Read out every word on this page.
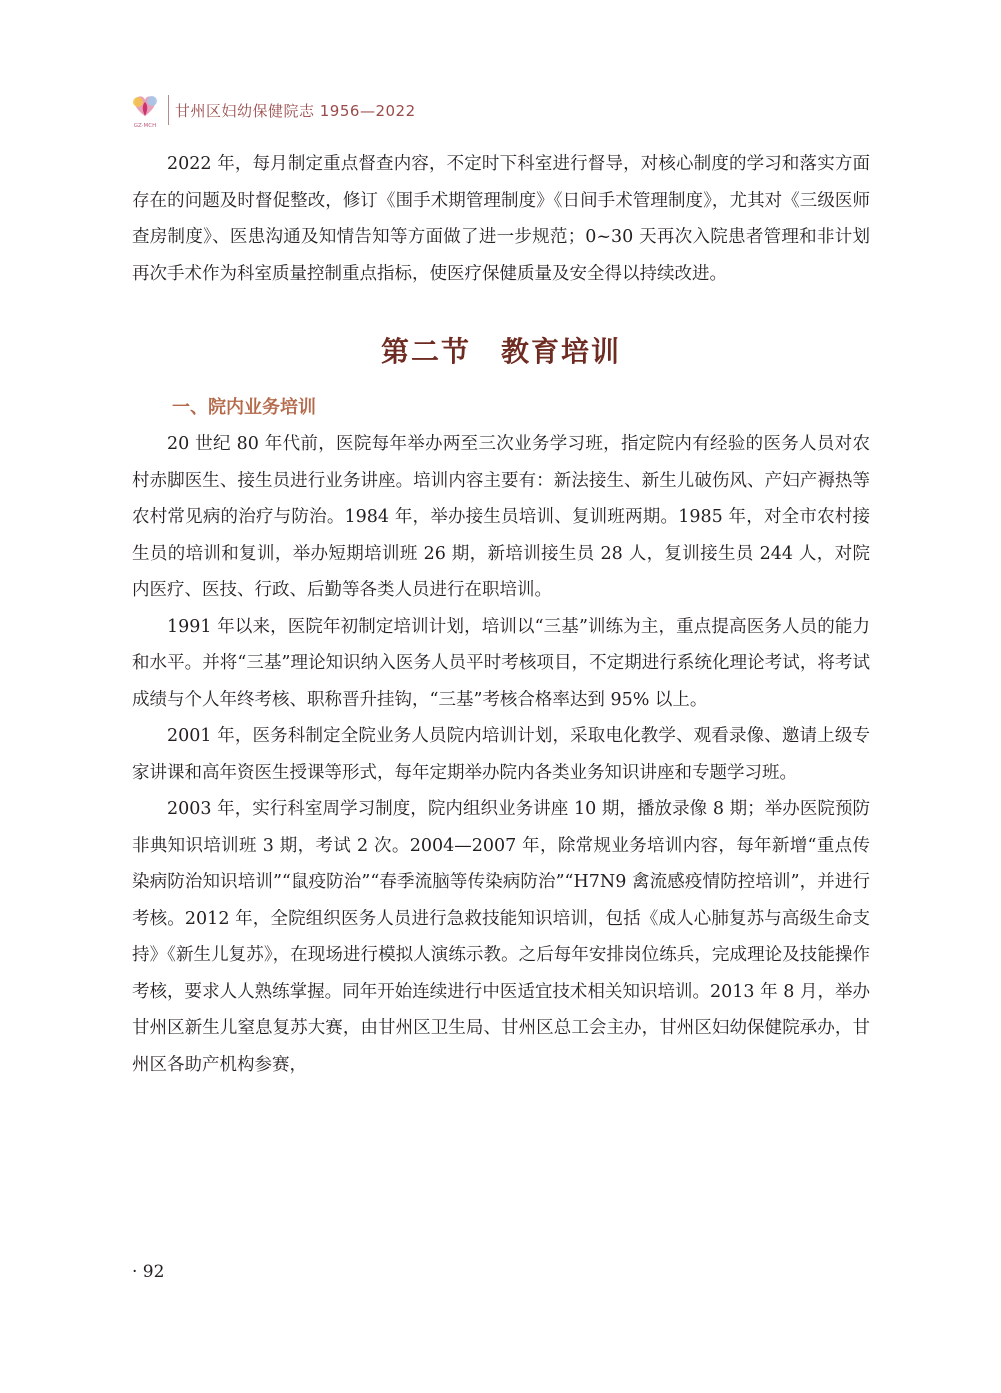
GZ·MCH
甘州区妇幼保健院志 1956—2022

2022 年，每月制定重点督查内容，不定时下科室进行督导，对核心制度的学习和落实方面存在的问题及时督促整改，修订《围手术期管理制度》《日间手术管理制度》，尤其对《三级医师查房制度》、医患沟通及知情告知等方面做了进一步规范；0~30 天再次入院患者管理和非计划再次手术作为科室质量控制重点指标，使医疗保健质量及安全得以持续改进。

第二节　教育培训
一、院内业务培训

20 世纪 80 年代前，医院每年举办两至三次业务学习班，指定院内有经验的医务人员对农村赤脚医生、接生员进行业务讲座。培训内容主要有：新法接生、新生儿破伤风、产妇产褥热等农村常见病的治疗与防治。1984 年，举办接生员培训、复训班两期。1985 年，对全市农村接生员的培训和复训，举办短期培训班 26 期，新培训接生员 28 人，复训接生员 244 人，对院内医疗、医技、行政、后勤等各类人员进行在职培训。

1991 年以来，医院年初制定培训计划，培训以“三基”训练为主，重点提高医务人员的能力和水平。并将“三基”理论知识纳入医务人员平时考核项目，不定期进行系统化理论考试，将考试成绩与个人年终考核、职称晋升挂钩，“三基”考核合格率达到 95% 以上。

2001 年，医务科制定全院业务人员院内培训计划，采取电化教学、观看录像、邀请上级专家讲课和高年资医生授课等形式，每年定期举办院内各类业务知识讲座和专题学习班。

2003 年，实行科室周学习制度，院内组织业务讲座 10 期，播放录像 8 期；举办医院预防非典知识培训班 3 期，考试 2 次。2004—2007 年，除常规业务培训内容，每年新增“重点传染病防治知识培训”“鼠疫防治”“春季流脑等传染病防治”“H7N9 禽流感疫情防控培训”，并进行考核。2012 年，全院组织医务人员进行急救技能知识培训，包括《成人心肺复苏与高级生命支持》《新生儿复苏》，在现场进行模拟人演练示教。之后每年安排岗位练兵，完成理论及技能操作考核，要求人人熟练掌握。同年开始连续进行中医适宜技术相关知识培训。2013 年 8 月，举办甘州区新生儿窒息复苏大赛，由甘州区卫生局、甘州区总工会主办，甘州区妇幼保健院承办，甘州区各助产机构参赛，

· 92
